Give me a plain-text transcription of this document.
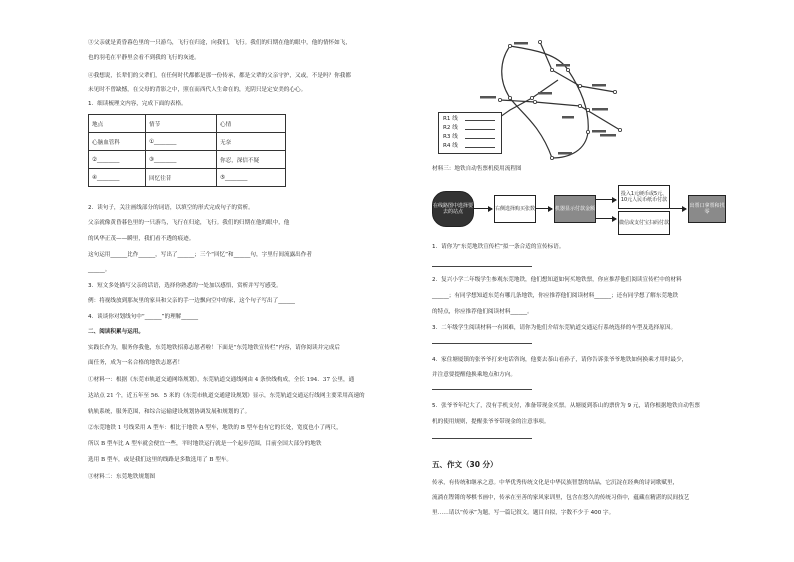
③父亲就是黄昏暮色里的一只游鸟，飞行在归途，向我们，飞行。我们的归期在他的眼中，他的情怀如飞，
也的羽毛在平静里会看不到我的飞行的灰迹。
④我想说，长辈们的父辈们，在任何时代都都是那一份传承，都是父辈的父亲守护，又或，不是吗？你我都
未见时不曾缺憾，在父母的背影之中，照在而西代人生命在的，光阴只是定安美的心心。
1．细读梳理文内容，完成下面的表格。
地点	情节	心情
心脑血管科	①________	无奈
②________	③________	你忍，深信不疑
④________	回忆往昔	⑤________
2．读句子，关注画线部分的词语，以填空的形式完成句子的赏析。
父亲就像黄昏暮色里的一只游鸟，飞行在归途，飞行。我们的归期在他的眼中，他
的风华正茂——瞬里，我们看不透的痕迹。
这句运用______比作______，写出了______；三个“回忆”和______句，字里行间流露出作者
______。
3．短文多处描写父亲的话语，选择你熟悉的一处加以感悟，赏析并写写感受。
例：将视线放到那灰里的家具和父亲的手一边飘向空中的家，这个句子写出了______
4．谈谈你对划线句中“______”的理解______
二、阅读积累与运用。
实践长作为，服务你我他，东莞地铁招募志愿者啦！下面是“东莞地铁宣传栏”内容，请你阅读并完成后
面任务，成为一名合格的地铁志愿者！
①材料一：根据《东莞市轨道交通网络规划》，东莞轨道交通线网由 4 条快线构成，全长 194．37 公里，通
达站点 21 个，近五年至 56．5 米的《东莞市轨道交通建设规划》显示，东莞轨道交通运行线网主要采用高速的
轨轨系统，服务范围，和综合运输建设规划协调发展和规划的了。
②东莞地铁 1 号线采用 A 型车：相比于地铁 A 型车，地铁的 B 型车也有它的长处，宽度也小了两尺，
所以 B 型车比 A 型车就会便宜一些，平时地铁运行就是一个起步范围，目前全国大部分的地铁
选用 B 型车，或是我们这里的线路是多数选用了 B 型车。
③材料二：东莞地铁规划图
材料三：地铁自动售票机使用流程图
在线路图中选择要去的站点	右侧选择购买张数	机器显示付款金额
投入1元硬币或5元、10元人民币纸币付款
微信或支付宝扫码付款
出票口拿票和找零
1．请你为“东莞地铁宣传栏”拟一条合适的宣传标语。
2．复兴小学二年级学生参观东莞地铁，他们想知道如何买地铁票，你应推荐他们阅读宣传栏中的材料
______；有同学想知道东莞有哪几条地铁，你应推荐他们阅读材料______；还有同学想了解东莞地铁
的特点，你应推荐他们阅读材料______。
3．二年级学生阅读材料一有困难，请你为他们介绍东莞轨道交通运行系统选择的车型及选择原因。
4．家住塘厦镇的张爷爷打来电话咨询，他要去茶山看孙子，请你告诉张爷爷地铁如何换乘才用时最少，
并注意要提醒他换乘地点和方向。
5．张爷爷年纪大了，没有手机支付，准备带现金买票。从塘厦到茶山的票价为 9 元，请你根据地铁自动售票
机的使用规则，提醒张爷爷带现金的注意事项。
五、作文（30 分）
传承，有传统和继承之意。中华优秀传统文化是中华民族智慧的结晶，它沉淀在经典的诗词歌赋里，
流淌在铿锵的琴棋书画中，传承在至善的家风家训里，包含在悠久的传统习俗中，蕴藏在精湛的民间技艺
里……请以“传承”为题，写一篇记叙文。题目自拟，字数不少于 400 字。
R1 线
R2 线
R3 线
R4 线
